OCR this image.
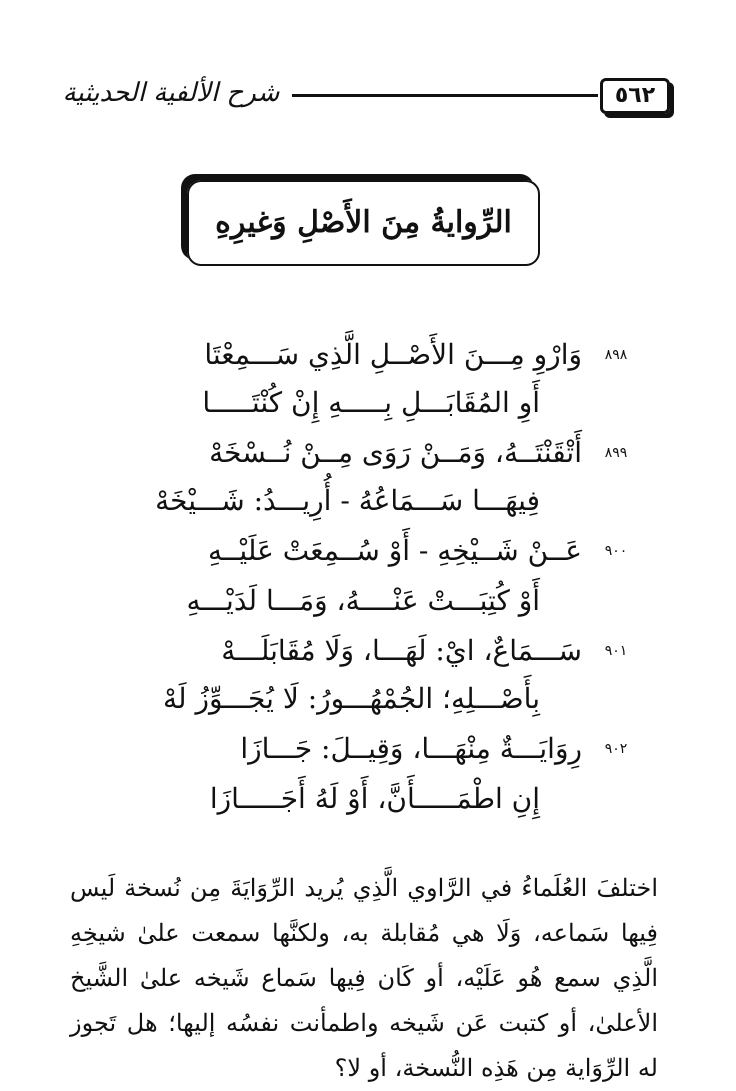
شرح الألفية الحديثية	٥٦٢
الرِّوايةُ مِنَ الأَصْلِ وَغيرِهِ
٨٩٨
وَارْوِ مِـــنَ الأَصْــلِ الَّذِي سَـــمِعْتَا
أَوِ المُقَابَـــلِ بِـــــهِ إِنْ كُنْتَـــــا
٨٩٩
أَتْقَنْتَــهُ، وَمَــنْ رَوَى مِــنْ نُــسْخَهْ
فِيهَـــا سَـــمَاعُهُ - أُرِيـــدُ: شَـــيْخَهْ
٩٠٠
عَــنْ شَــيْخِهِ - أَوْ سُــمِعَتْ عَلَيْــهِ
أَوْ كُتِبَـــتْ عَنْــــهُ، وَمَـــا لَدَيْـــهِ
٩٠١
سَـــمَاعٌ، ايْ: لَهَـــا، وَلَا مُقَابَلَـــهْ
بِأَصْـــلِهِ؛ الجُمْهُـــورُ: لَا يُجَـــوِّزُ لَهْ
٩٠٢
رِوَايَـــةٌ مِنْهَـــا، وَقِيــلَ: جَـــازَا
إِنِ اطْمَـــــأَنَّ، أَوْ لَهُ أَجَـــــازَا

اختلفَ العُلَماءُ في الرَّاوي الَّذِي يُريد الرِّوَايَةَ مِن نُسخة لَيس فِيها سَماعه، وَلَا هي مُقابلة به، ولكنَّها سمعت علىٰ شيخِهِ الَّذِي سمع هُو عَلَيْه، أو كَان فِيها سَماع شَيخه علىٰ الشَّيخ الأعلىٰ، أو كتبت عَن شَيخه واطمأنت نفسُه إليها؛ هل تَجوز له الرِّوَاية مِن هَذِه النُّسخة، أو لا؟
